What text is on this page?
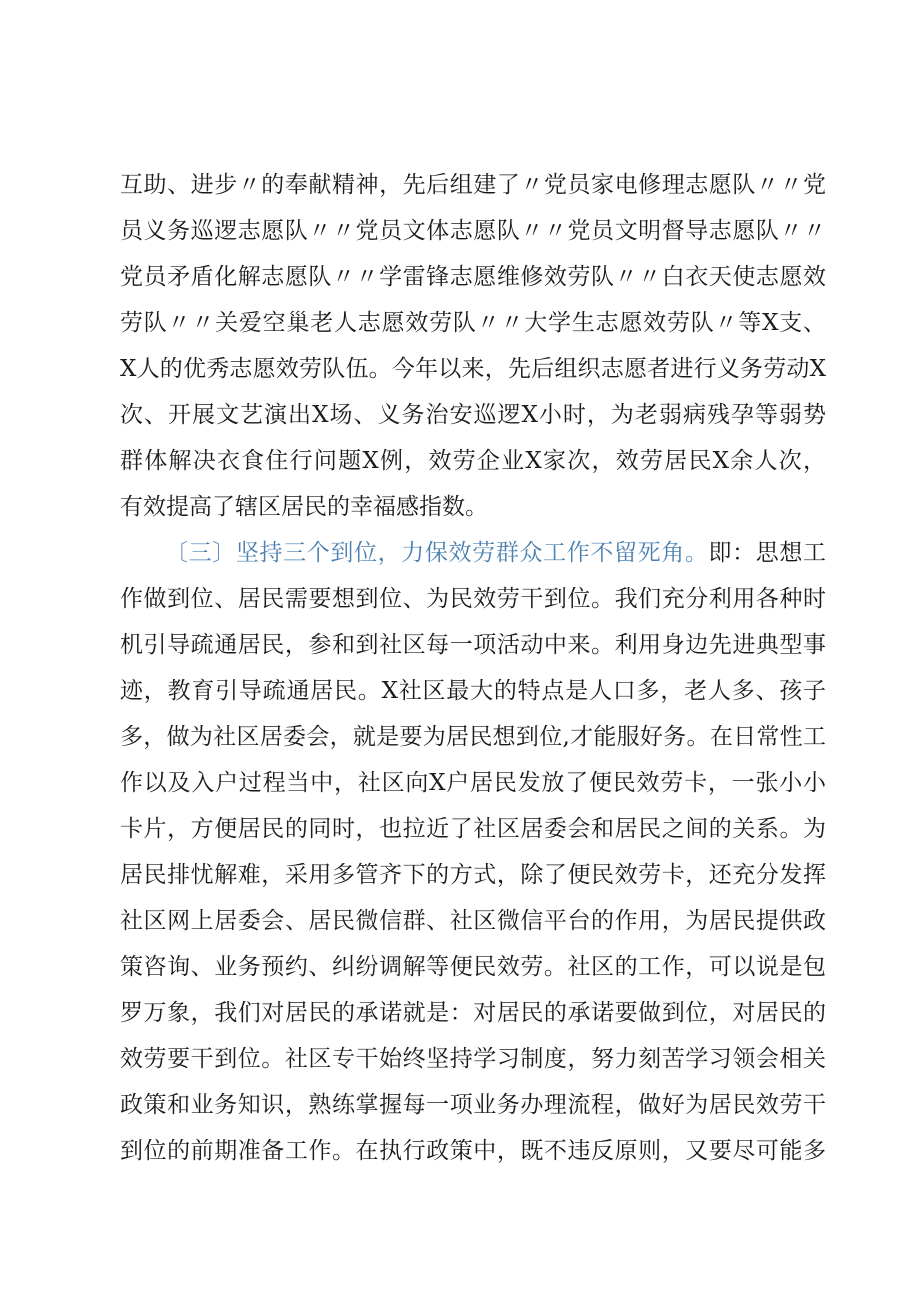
互助、进步〃的奉献精神，先后组建了〃党员家电修理志愿队〃〃党
员义务巡逻志愿队〃〃党员文体志愿队〃〃党员文明督导志愿队〃〃
党员矛盾化解志愿队〃〃学雷锋志愿维修效劳队〃〃白衣天使志愿效
劳队〃〃关爱空巢老人志愿效劳队〃〃大学生志愿效劳队〃等X支、
X人的优秀志愿效劳队伍。今年以来，先后组织志愿者进行义务劳动X
次、开展文艺演出X场、义务治安巡逻X小时，为老弱病残孕等弱势
群体解决衣食住行问题X例，效劳企业X家次，效劳居民X余人次，
有效提高了辖区居民的幸福感指数。
〔三〕坚持三个到位，力保效劳群众工作不留死角。即：思想工
作做到位、居民需要想到位、为民效劳干到位。我们充分利用各种时
机引导疏通居民，参和到社区每一项活动中来。利用身边先进典型事
迹，教育引导疏通居民。X社区最大的特点是人口多，老人多、孩子
多，做为社区居委会，就是要为居民想到位,才能服好务。在日常性工
作以及入户过程当中，社区向X户居民发放了便民效劳卡，一张小小
卡片，方便居民的同时，也拉近了社区居委会和居民之间的关系。为
居民排忧解难，采用多管齐下的方式，除了便民效劳卡，还充分发挥
社区网上居委会、居民微信群、社区微信平台的作用，为居民提供政
策咨询、业务预约、纠纷调解等便民效劳。社区的工作，可以说是包
罗万象，我们对居民的承诺就是：对居民的承诺要做到位，对居民的
效劳要干到位。社区专干始终坚持学习制度，努力刻苦学习领会相关
政策和业务知识，熟练掌握每一项业务办理流程，做好为居民效劳干
到位的前期准备工作。在执行政策中，既不违反原则，又要尽可能多
